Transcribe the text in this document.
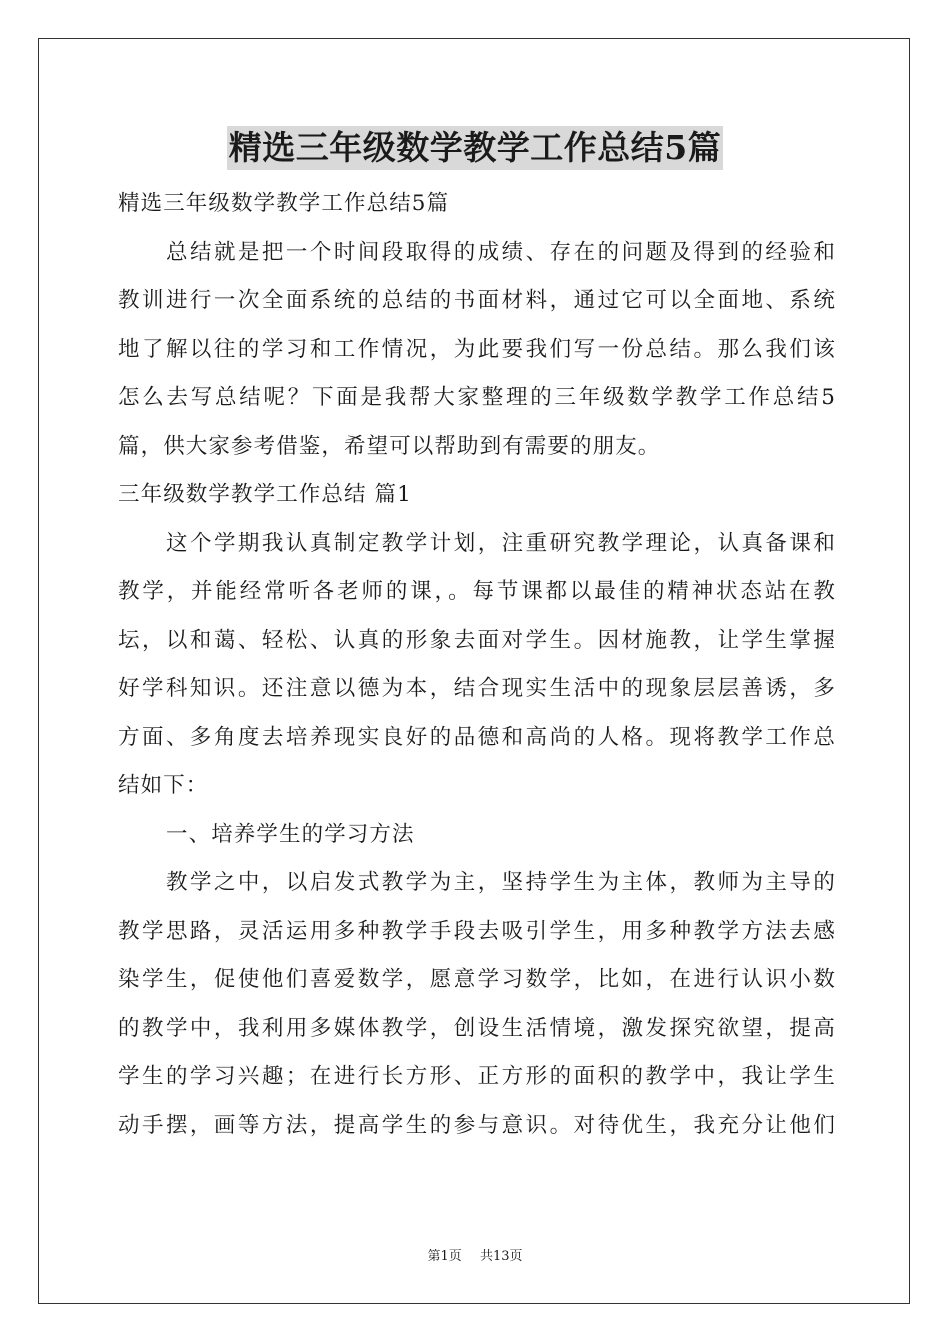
精选三年级数学教学工作总结5篇
精选三年级数学教学工作总结5篇
总结就是把一个时间段取得的成绩、存在的问题及得到的经验和
教训进行一次全面系统的总结的书面材料，通过它可以全面地、系统
地了解以往的学习和工作情况，为此要我们写一份总结。那么我们该
怎么去写总结呢？下面是我帮大家整理的三年级数学教学工作总结5
篇，供大家参考借鉴，希望可以帮助到有需要的朋友。
三年级数学教学工作总结 篇1
这个学期我认真制定教学计划，注重研究教学理论，认真备课和
教学，并能经常听各老师的课，。每节课都以最佳的精神状态站在教
坛，以和蔼、轻松、认真的形象去面对学生。因材施教，让学生掌握
好学科知识。还注意以德为本，结合现实生活中的现象层层善诱，多
方面、多角度去培养现实良好的品德和高尚的人格。现将教学工作总
结如下：
一、培养学生的学习方法
教学之中，以启发式教学为主，坚持学生为主体，教师为主导的
教学思路，灵活运用多种教学手段去吸引学生，用多种教学方法去感
染学生，促使他们喜爱数学，愿意学习数学，比如，在进行认识小数
的教学中，我利用多媒体教学，创设生活情境，激发探究欲望，提高
学生的学习兴趣；在进行长方形、正方形的面积的教学中，我让学生
动手摆，画等方法，提高学生的参与意识。对待优生，我充分让他们
第1页 共13页
